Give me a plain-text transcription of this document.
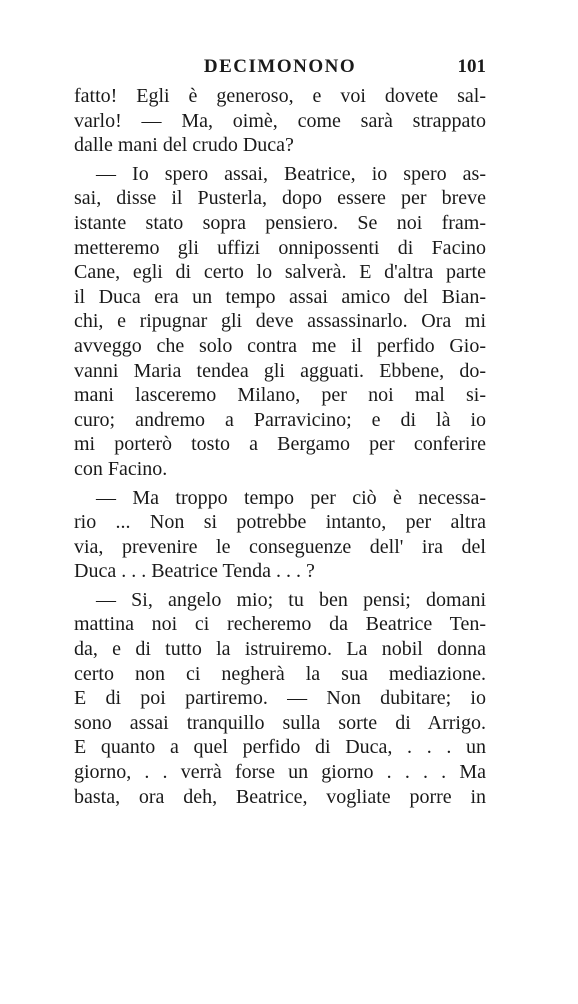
DECIMONONO	101
fatto! Egli è generoso, e voi dovete sal-
varlo! — Ma, oimè, come sarà strappato
dalle mani del crudo Duca?
— Io spero assai, Beatrice, io spero as-
sai, disse il Pusterla, dopo essere per breve
istante stato sopra pensiero. Se noi fram-
metteremo gli uffizi onnipossenti di Facino
Cane, egli di certo lo salverà. E d'altra parte
il Duca era un tempo assai amico del Bian-
chi, e ripugnar gli deve assassinarlo. Ora mi
avveggo che solo contra me il perfido Gio-
vanni Maria tendea gli agguati. Ebbene, do-
mani lasceremo Milano, per noi mal si-
curo; andremo a Parravicino; e di là io
mi porterò tosto a Bergamo per conferire
con Facino.
— Ma troppo tempo per ciò è necessa-
rio ... Non si potrebbe intanto, per altra
via, prevenire le conseguenze dell' ira del
Duca . . . Beatrice Tenda . . . ?
— Si, angelo mio; tu ben pensi; domani
mattina noi ci recheremo da Beatrice Ten-
da, e di tutto la istruiremo. La nobil donna
certo non ci negherà la sua mediazione.
E di poi partiremo. — Non dubitare; io
sono assai tranquillo sulla sorte di Arrigo.
E quanto a quel perfido di Duca, . . . un
giorno, . . verrà forse un giorno . . . . Ma
basta, ora deh, Beatrice, vogliate porre in
